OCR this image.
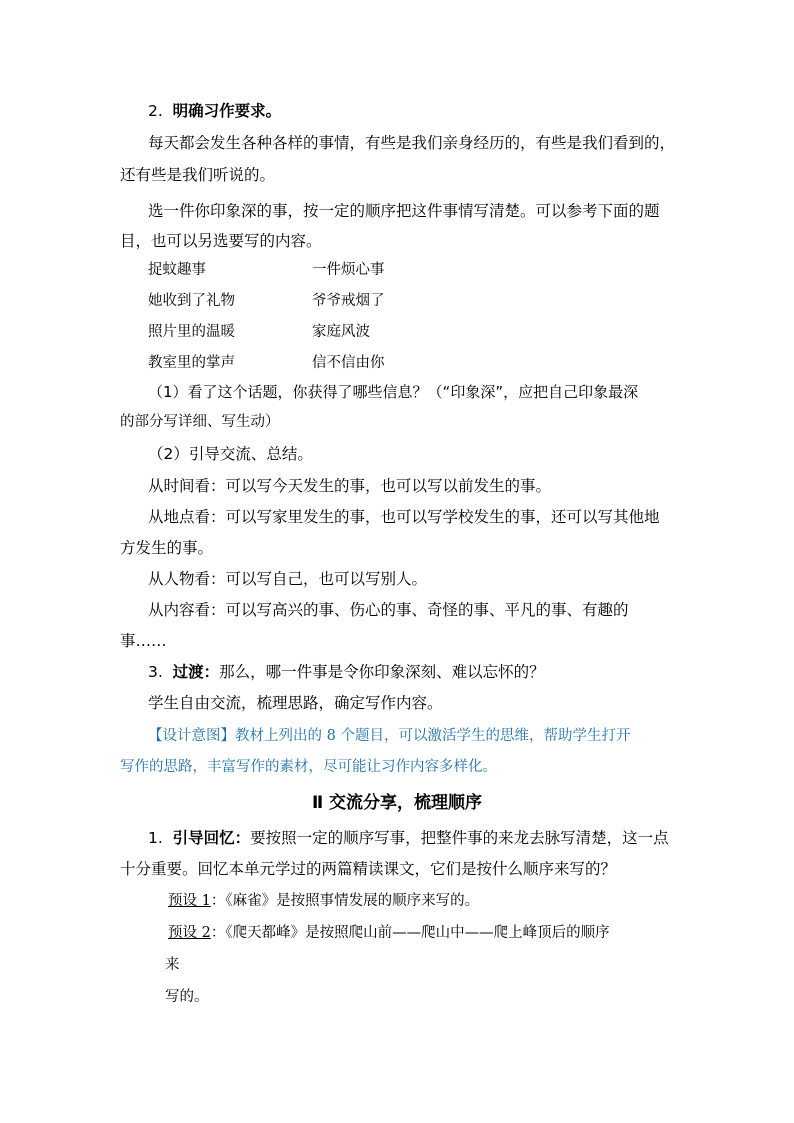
2. 明确习作要求。
每天都会发生各种各样的事情，有些是我们亲身经历的，有些是我们看到的，
还有些是我们听说的。
选一件你印象深的事，按一定的顺序把这件事情写清楚。可以参考下面的题
目，也可以另选要写的内容。
捉蚊趣事	一件烦心事
她收到了礼物	爷爷戒烟了
照片里的温暖	家庭风波
教室里的掌声	信不信由你
（1）看了这个话题，你获得了哪些信息？（“印象深”，应把自己印象最深
的部分写详细、写生动）
（2）引导交流、总结。
从时间看：可以写今天发生的事，也可以写以前发生的事。
从地点看：可以写家里发生的事，也可以写学校发生的事，还可以写其他地
方发生的事。
从人物看：可以写自己，也可以写别人。
从内容看：可以写高兴的事、伤心的事、奇怪的事、平凡的事、有趣的
事……
3. 过渡：那么，哪一件事是令你印象深刻、难以忘怀的？
学生自由交流，梳理思路，确定写作内容。
【设计意图】教材上列出的 8 个题目，可以激活学生的思维，帮助学生打开
写作的思路，丰富写作的素材，尽可能让习作内容多样化。
Ⅱ 交流分享，梳理顺序
1. 引导回忆：要按照一定的顺序写事，把整件事的来龙去脉写清楚，这一点
十分重要。回忆本单元学过的两篇精读课文，它们是按什么顺序来写的？
预设 1：《麻雀》是按照事情发展的顺序来写的。
预设 2：《爬天都峰》是按照爬山前——爬山中——爬上峰顶后的顺序
来
写的。
